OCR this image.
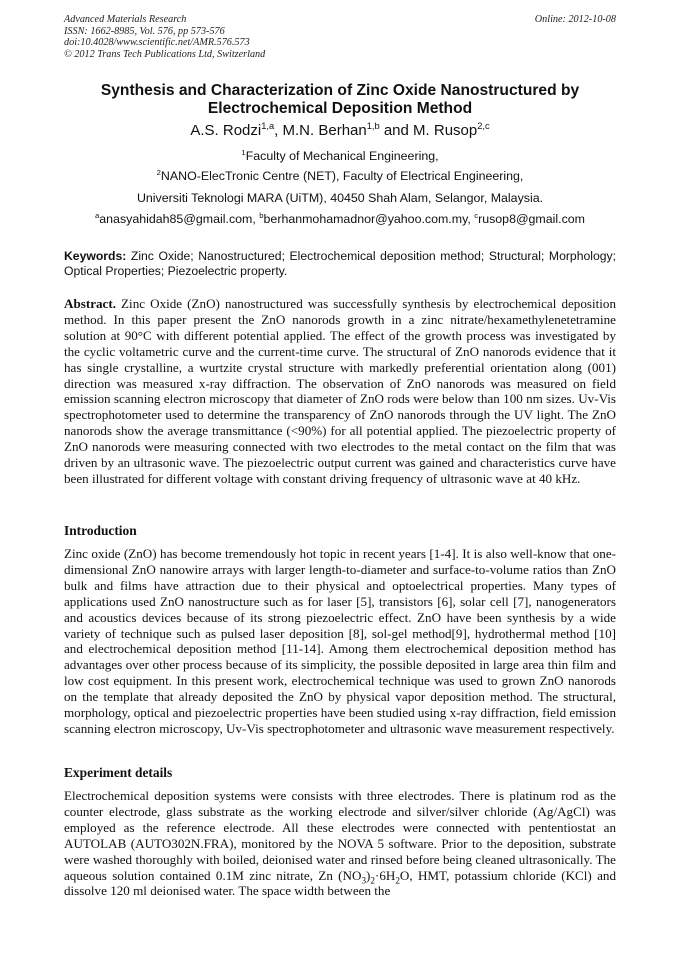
Advanced Materials Research
ISSN: 1662-8985, Vol. 576, pp 573-576
doi:10.4028/www.scientific.net/AMR.576.573
© 2012 Trans Tech Publications Ltd, Switzerland
Online: 2012-10-08
Synthesis and Characterization of Zinc Oxide Nanostructured by
Electrochemical Deposition Method
A.S. Rodzi$^{1,a}$, M.N. Berhan$^{1,b}$ and M. Rusop$^{2,c}$
$^1$Faculty of Mechanical Engineering,
$^2$NANO-ElecTronic Centre (NET), Faculty of Electrical Engineering,
Universiti Teknologi MARA (UiTM), 40450 Shah Alam, Selangor, Malaysia.
$^a$anasyahidah85@gmail.com, $^b$berhanmohamadnor@yahoo.com.my, $^c$rusop8@gmail.com
Keywords: Zinc Oxide; Nanostructured; Electrochemical deposition method; Structural; Morphology; Optical Properties; Piezoelectric property.
Abstract. Zinc Oxide (ZnO) nanostructured was successfully synthesis by electrochemical deposition method. In this paper present the ZnO nanorods growth in a zinc nitrate/hexamethylenetetramine solution at 90°C with different potential applied. The effect of the growth process was investigated by the cyclic voltametric curve and the current-time curve. The structural of ZnO nanorods evidence that it has single crystalline, a wurtzite crystal structure with markedly preferential orientation along (001) direction was measured x-ray diffraction. The observation of ZnO nanorods was measured on field emission scanning electron microscopy that diameter of ZnO rods were below than 100 nm sizes. Uv-Vis spectrophotometer used to determine the transparency of ZnO nanorods through the UV light. The ZnO nanorods show the average transmittance (<90%) for all potential applied. The piezoelectric property of ZnO nanorods were measuring connected with two electrodes to the metal contact on the film that was driven by an ultrasonic wave. The piezoelectric output current was gained and characteristics curve have been illustrated for different voltage with constant driving frequency of ultrasonic wave at 40 kHz.
Introduction
Zinc oxide (ZnO) has become tremendously hot topic in recent years [1-4]. It is also well-know that one-dimensional ZnO nanowire arrays with larger length-to-diameter and surface-to-volume ratios than ZnO bulk and films have attraction due to their physical and optoelectrical properties. Many types of applications used ZnO nanostructure such as for laser [5], transistors [6], solar cell [7], nanogenerators and acoustics devices because of its strong piezoelectric effect. ZnO have been synthesis by a wide variety of technique such as pulsed laser deposition [8], sol-gel method[9], hydrothermal method [10] and electrochemical deposition method [11-14]. Among them electrochemical deposition method has advantages over other process because of its simplicity, the possible deposited in large area thin film and low cost equipment. In this present work, electrochemical technique was used to grown ZnO nanorods on the template that already deposited the ZnO by physical vapor deposition method. The structural, morphology, optical and piezoelectric properties have been studied using x-ray diffraction, field emission scanning electron microscopy, Uv-Vis spectrophotometer and ultrasonic wave measurement respectively.
Experiment details
Electrochemical deposition systems were consists with three electrodes. There is platinum rod as the counter electrode, glass substrate as the working electrode and silver/silver chloride (Ag/AgCl) was employed as the reference electrode. All these electrodes were connected with pententiostat an AUTOLAB (AUTO302N.FRA), monitored by the NOVA 5 software. Prior to the deposition, substrate were washed thoroughly with boiled, deionised water and rinsed before being cleaned ultrasonically. The aqueous solution contained 0.1M zinc nitrate, Zn $(NO_3)_2\cdot 6H_2O$, HMT, potassium chloride (KCl) and dissolve 120 ml deionised water. The space width between the
